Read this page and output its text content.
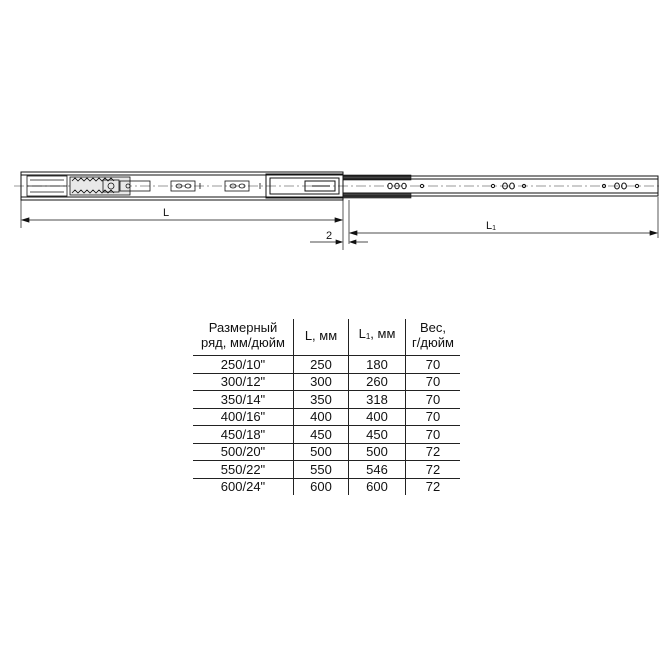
L
L1
2
Размерный
ряд, мм/дюйм	L, мм	$L_1$, мм	Вес,
г/дюйм
250/10"	250	180	70
300/12"	300	260	70
350/14"	350	318	70
400/16"	400	400	70
450/18"	450	450	70
500/20"	500	500	72
550/22"	550	546	72
600/24"	600	600	72
